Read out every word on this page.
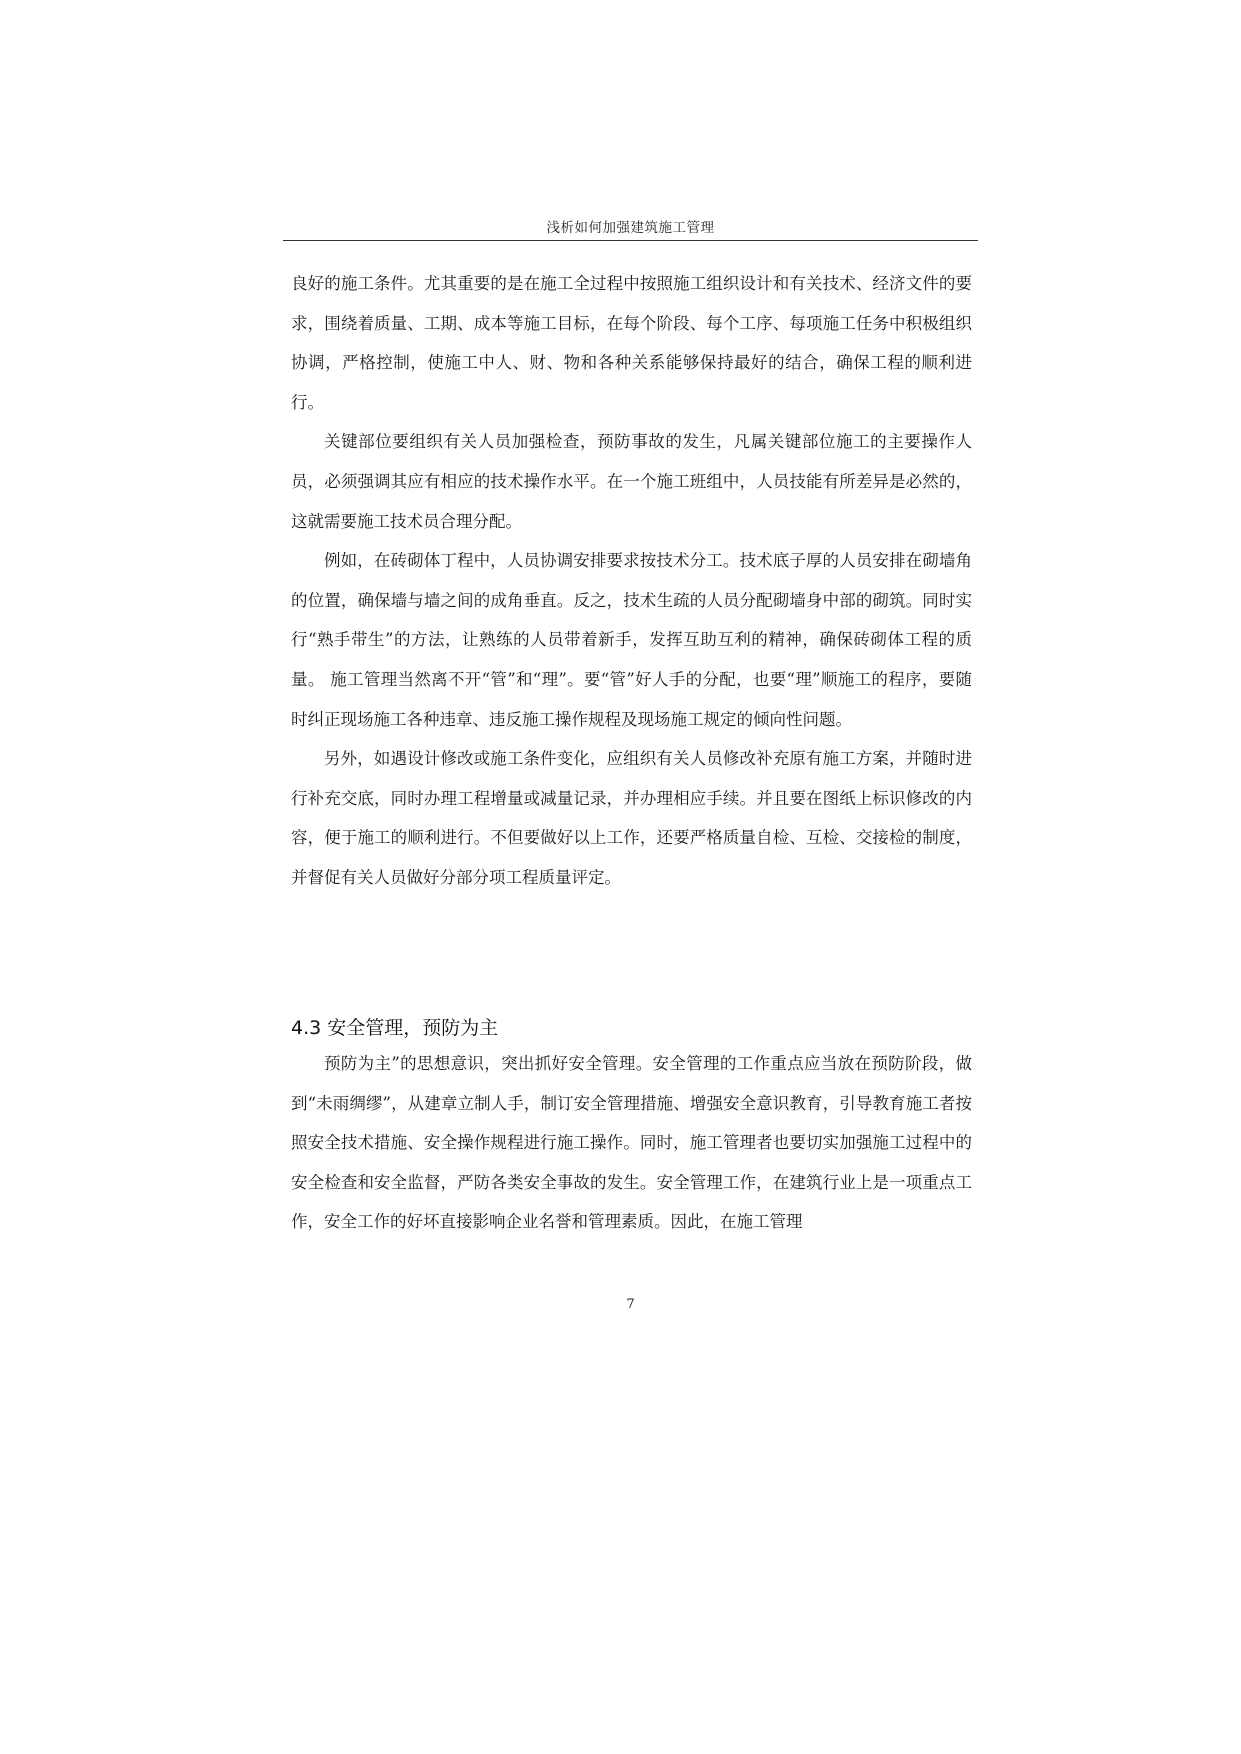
浅析如何加强建筑施工管理

良好的施工条件。尤其重要的是在施工全过程中按照施工组织设计和有关技术、经济文件的要求，围绕着质量、工期、成本等施工目标，在每个阶段、每个工序、每项施工任务中积极组织协调，严格控制，使施工中人、财、物和各种关系能够保持最好的结合，确保工程的顺利进行。

关键部位要组织有关人员加强检查，预防事故的发生，凡属关键部位施工的主要操作人员，必须强调其应有相应的技术操作水平。在一个施工班组中，人员技能有所差异是必然的，这就需要施工技术员合理分配。

例如，在砖砌体丁程中，人员协调安排要求按技术分工。技术底子厚的人员安排在砌墙角的位置，确保墙与墙之间的成角垂直。反之，技术生疏的人员分配砌墙身中部的砌筑。同时实行“熟手带生”的方法，让熟练的人员带着新手，发挥互助互利的精神，确保砖砌体工程的质量。 施工管理当然离不开“管”和“理”。要“管”好人手的分配，也要“理”顺施工的程序，要随时纠正现场施工各种违章、违反施工操作规程及现场施工规定的倾向性问题。

另外，如遇设计修改或施工条件变化，应组织有关人员修改补充原有施工方案，并随时进行补充交底，同时办理工程增量或减量记录，并办理相应手续。并且要在图纸上标识修改的内容，便于施工的顺利进行。不但要做好以上工作，还要严格质量自检、互检、交接检的制度，并督促有关人员做好分部分项工程质量评定。

4.3 安全管理，预防为主

预防为主”的思想意识，突出抓好安全管理。安全管理的工作重点应当放在预防阶段，做到“未雨绸缪”，从建章立制人手，制订安全管理措施、增强安全意识教育，引导教育施工者按照安全技术措施、安全操作规程进行施工操作。同时，施工管理者也要切实加强施工过程中的安全检查和安全监督，严防各类安全事故的发生。安全管理工作，在建筑行业上是一项重点工作，安全工作的好坏直接影响企业名誉和管理素质。因此，在施工管理

7
